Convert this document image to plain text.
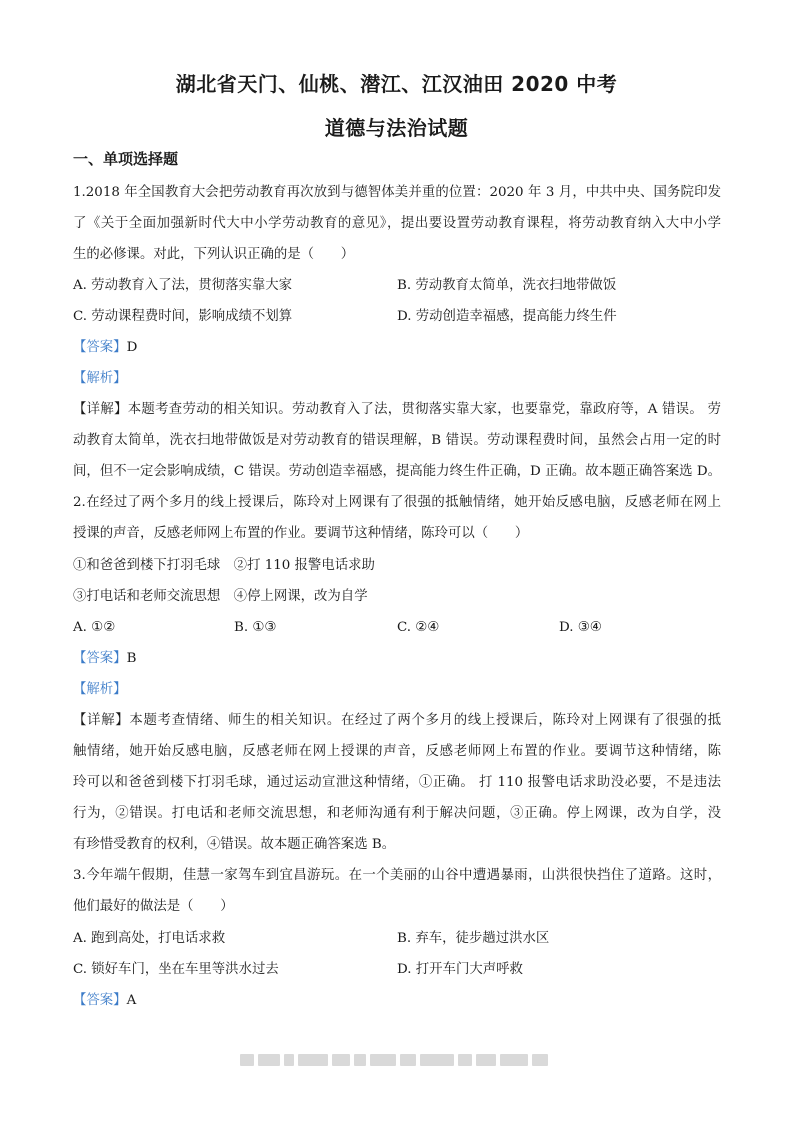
湖北省天门、仙桃、潜江、江汉油田 2020 中考
道德与法治试题
一、单项选择题
1.2018 年全国教育大会把劳动教育再次放到与德智体美并重的位置：2020 年 3 月，中共中央、国务院印发
了《关于全面加强新时代大中小学劳动教育的意见》，提出要设置劳动教育课程，将劳动教育纳入大中小学
生的必修课。对此，下列认识正确的是（　　）
A. 劳动教育入了法，贯彻落实靠大家	B. 劳动教育太简单，洗衣扫地带做饭
C. 劳动课程费时间，影响成绩不划算	D. 劳动创造幸福感，提高能力终生件
【答案】D
【解析】
【详解】本题考查劳动的相关知识。劳动教育入了法，贯彻落实靠大家，也要靠党，靠政府等，A 错误。 劳
动教育太简单，洗衣扫地带做饭是对劳动教育的错误理解，B 错误。劳动课程费时间，虽然会占用一定的时
间，但不一定会影响成绩，C 错误。劳动创造幸福感，提高能力终生件正确，D 正确。故本题正确答案选 D。
2.在经过了两个多月的线上授课后，陈玲对上网课有了很强的抵触情绪，她开始反感电脑，反感老师在网上
授课的声音，反感老师网上布置的作业。要调节这种情绪，陈玲可以（　　）
①和爸爸到楼下打羽毛球　②打 110 报警电话求助
③打电话和老师交流思想　④停上网课，改为自学
A. ①②	B. ①③	C. ②④	D. ③④
【答案】B
【解析】
【详解】本题考查情绪、师生的相关知识。在经过了两个多月的线上授课后，陈玲对上网课有了很强的抵
触情绪，她开始反感电脑，反感老师在网上授课的声音，反感老师网上布置的作业。要调节这种情绪，陈
玲可以和爸爸到楼下打羽毛球，通过运动宣泄这种情绪，①正确。 打 110 报警电话求助没必要，不是违法
行为，②错误。打电话和老师交流思想，和老师沟通有利于解决问题，③正确。停上网课，改为自学，没
有珍惜受教育的权利，④错误。故本题正确答案选 B。
3.今年端午假期，佳慧一家驾车到宜昌游玩。在一个美丽的山谷中遭遇暴雨，山洪很快挡住了道路。这时，
他们最好的做法是（　　）
A. 跑到高处，打电话求救	B. 弃车，徒步趟过洪水区
C. 锁好车门，坐在车里等洪水过去	D. 打开车门大声呼救
【答案】A
